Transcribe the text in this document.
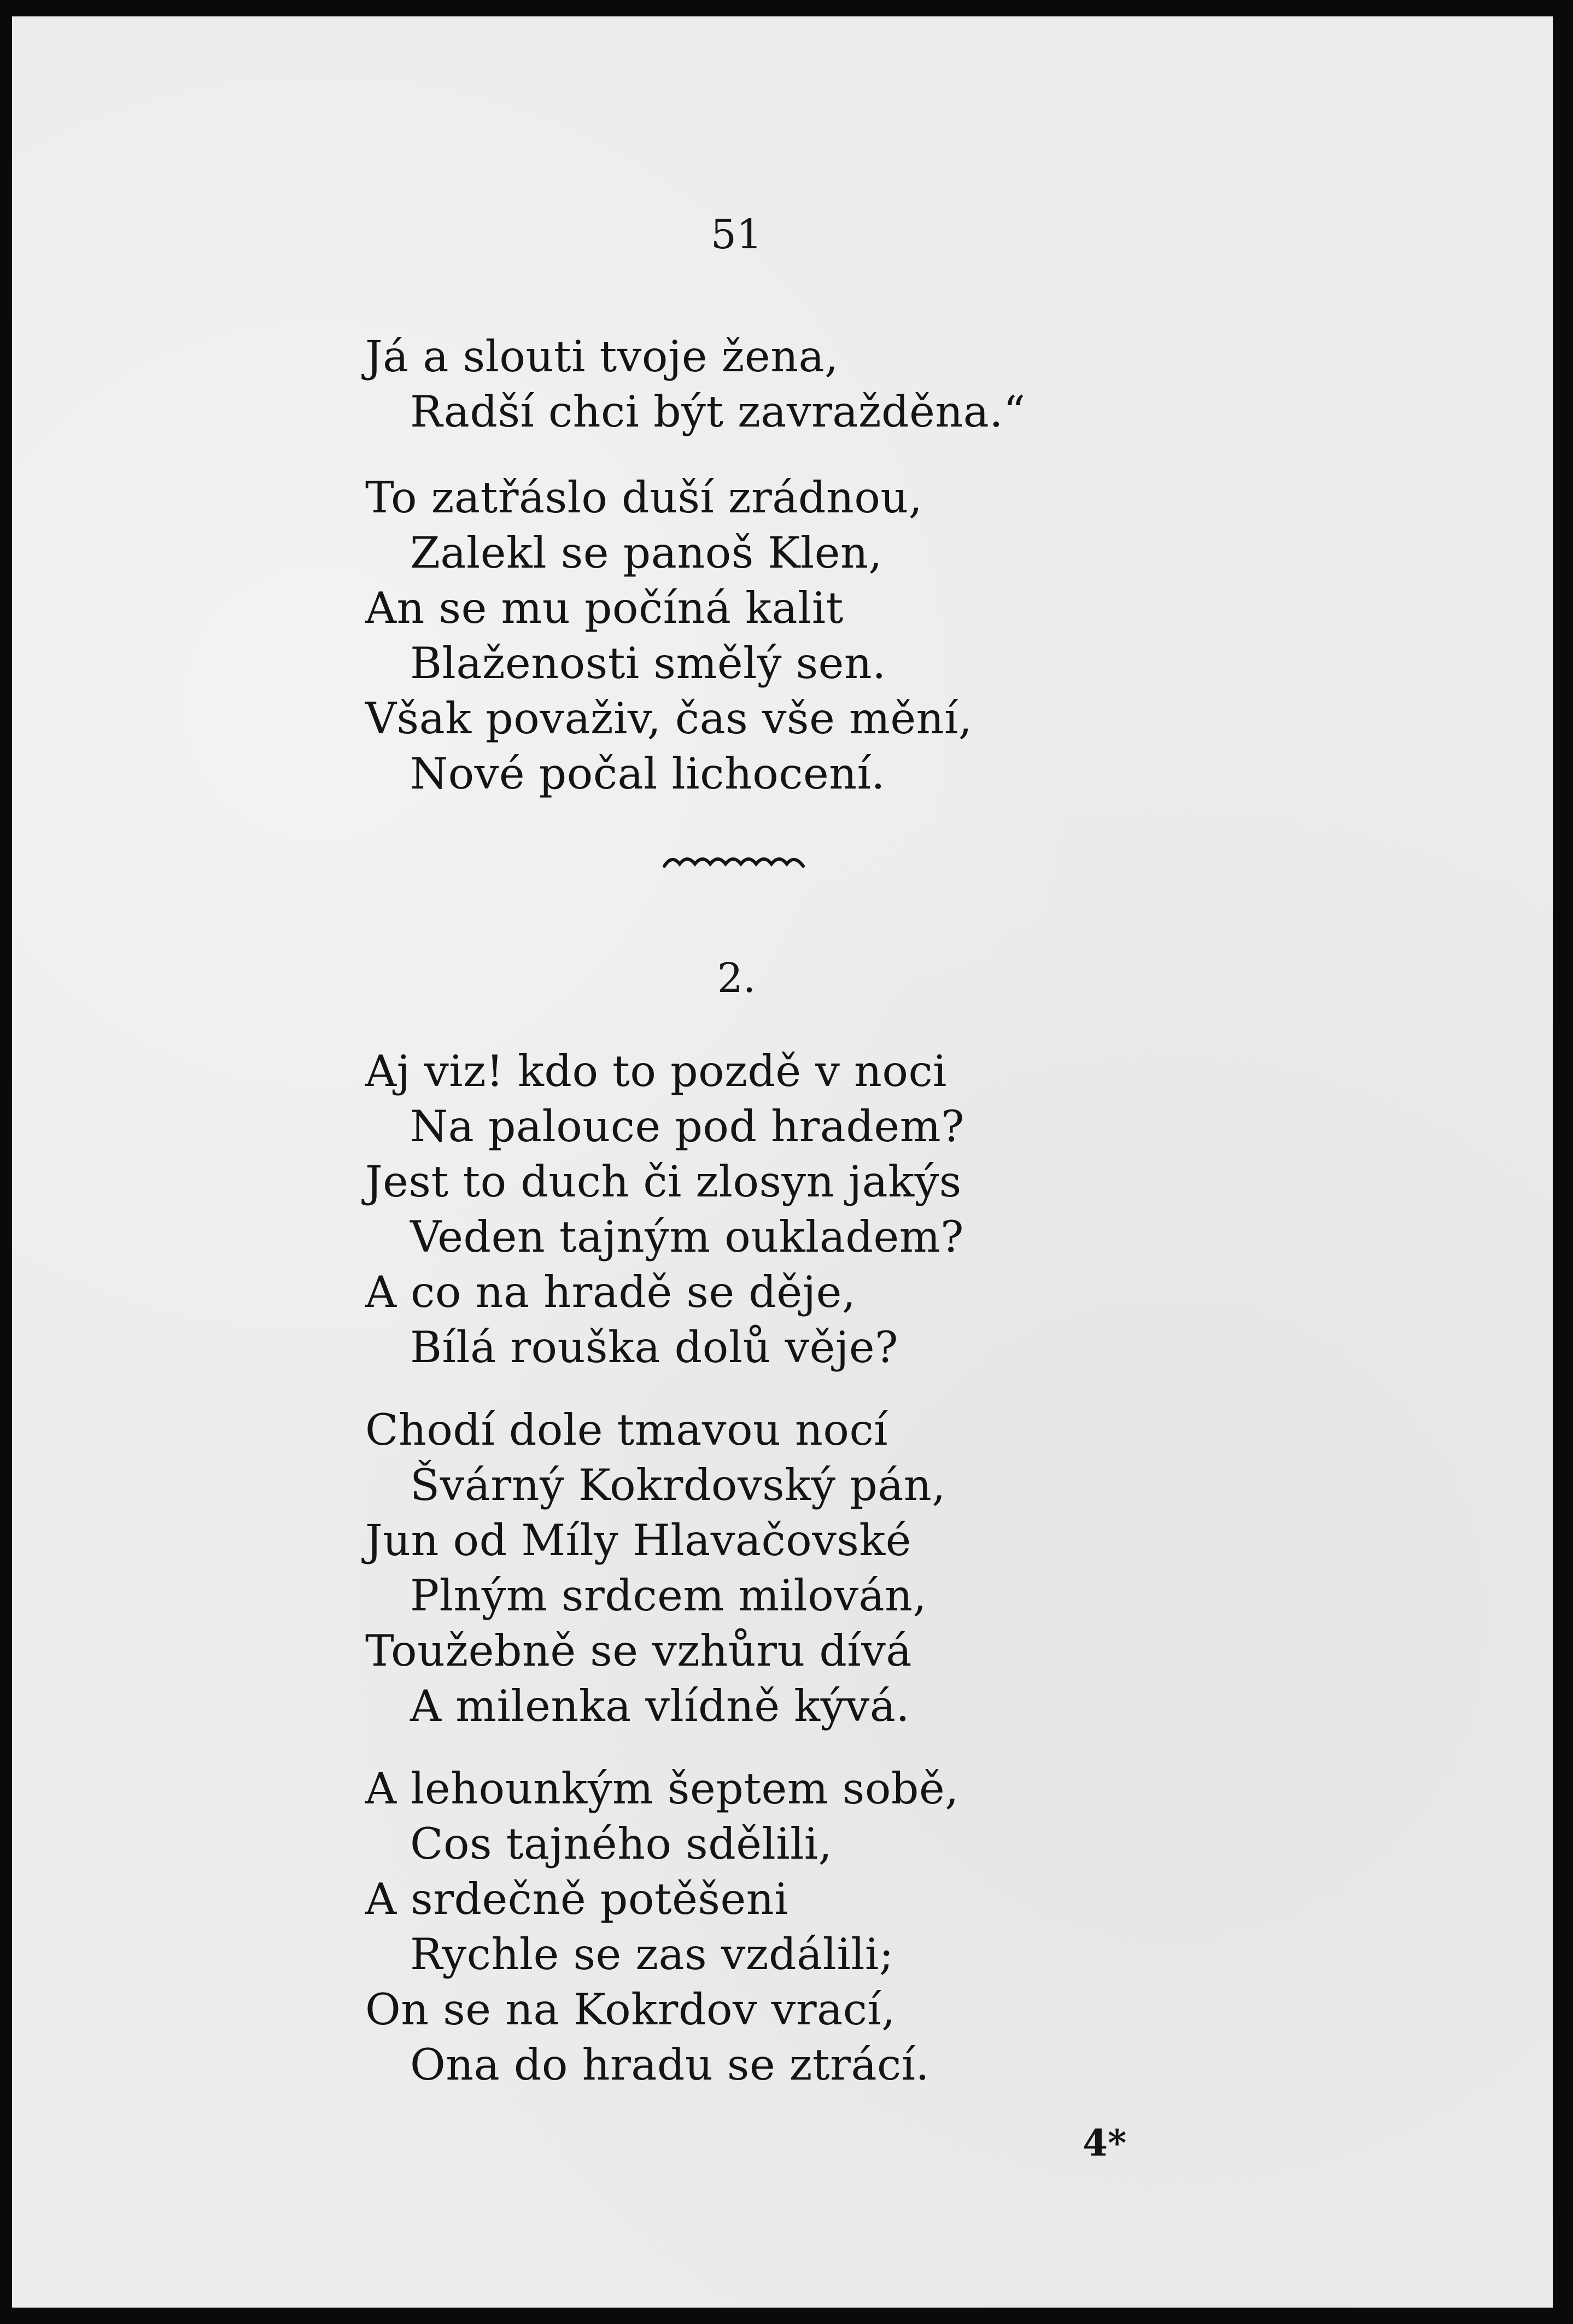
51
Já a slouti tvoje žena,
Radší chci být zavražděna.“
To zatřáslo duší zrádnou,
Zalekl se panoš Klen,
An se mu počíná kalit
Blaženosti smělý sen.
Však považiv, čas vše mění,
Nové počal lichocení.
2.
Aj viz! kdo to pozdě v noci
Na palouce pod hradem?
Jest to duch či zlosyn jakýs
Veden tajným oukladem?
A co na hradě se děje,
Bílá rouška dolů věje?
Chodí dole tmavou nocí
Švárný Kokrdovský pán,
Jun od Míly Hlavačovské
Plným srdcem milován,
Toužebně se vzhůru dívá
A milenka vlídně kývá.
A lehounkým šeptem sobě,
Cos tajného sdělili,
A srdečně potěšeni
Rychle se zas vzdálili;
On se na Kokrdov vrací,
Ona do hradu se ztrácí.
4*
